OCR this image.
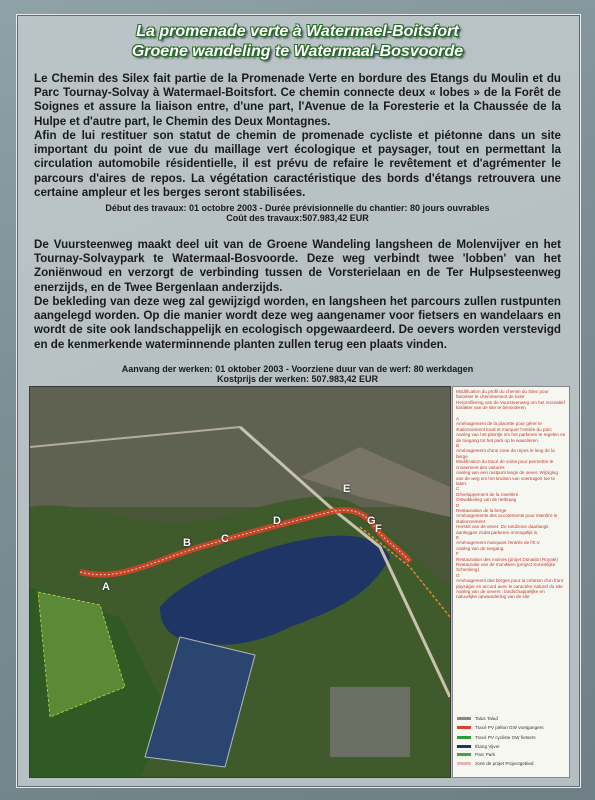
La promenade verte à Watermael-Boitsfort
Groene wandeling te Watermaal-Bosvoorde

Le Chemin des Silex fait partie de la Promenade Verte en bordure des Etangs du Moulin et du Parc Tournay-Solvay à Watermael-Boitsfort. Ce chemin connecte deux « lobes » de la Forêt de Soignes et assure la liaison entre, d'une part, l'Avenue de la Foresterie et la Chaussée de la Hulpe et d'autre part, le Chemin des Deux Montagnes.

Afin de lui restituer son statut de chemin de promenade cycliste et piétonne dans un site important du point de vue du maillage vert écologique et paysager, tout en permettant la circulation automobile résidentielle, il est prévu de refaire le revêtement et d'agrémenter le parcours d'aires de repos. La végétation caractéristique des bords d'étangs retrouvera une certaine ampleur et les berges seront stabilisées.

Début des travaux: 01 octobre 2003 - Durée prévisionnelle du chantier: 80 jours ouvrables
Coût des travaux:507.983,42 EUR

De Vuursteenweg maakt deel uit van de Groene Wandeling langsheen de Molenvijver en het Tournay-Solvaypark te Watermaal-Bosvoorde. Deze weg verbindt twee 'lobben' van het Zoniënwoud en verzorgt de verbinding tussen de Vorsterielaan en de Ter Hulpsesteenweg enerzijds, en de Twee Bergenlaan anderzijds.

De bekleding van deze weg zal gewijzigd worden, en langsheen het parcours zullen rustpunten aangelegd worden. Op die manier wordt deze weg aangenamer voor fietsers en wandelaars en wordt de site ook landschappelijk en ecologisch opgewaardeerd. De oevers worden verstevigd en de kenmerkende waterminnende planten zullen terug een plaats vinden.

Aanvang der werken: 01 oktober 2003 - Voorziene duur van de werf: 80 werkdagen
Kostprijs der werken: 507.983,42 EUR
A
B	C
D
E
G
F
Modification du profil du chemin du Silex pour favoriser le cheminement de loisir
Herprofilering van de Vuursteenweg om het recreatief karakter van de site te bevorderen

A
Aménagement de la placette pour gérer le stationnement local et marquer l'entrée du parc
Aanleg van het pleintje om het parkeren te regelen en de toegang tot het park op te waarderen.
B
Aménagement d'une zone de repos le long de la berge
Modification du tracé de voirie pour permettre le croisement des voitures
Aanleg van een rustpunt langs de oever. Wijziging van de weg om het kruisen van voertuigen toe te laten.
C
Développement de la roselière
Ontwikkeling van de rietkraag
D
Restauration de la berge
Aménagements des accotements pour interdire le stationnement
Herstel van de oever. De randzone daarlangs aanleggen zodat parkeren onmogelijk is.
E
Aménagement marquant l'entrée de l'E.V.
Aanleg van de toegang.
F
Restauration des moines (projet Donation Royale)
Restauratie van de monikken (project Koninklijke Schenking)
G
Aménagement des berges pour la création d'un front paysager en accord avec le caractère naturel du site
Aanleg van de oevers : landschappelijke en natuurlijke opwaardering van de site
Talus Talud
Tracé PV piéton GW voetgangers
Tracé PV cycliste GW fietsers
Étang Vijver
Parc Park
zone de projet Projectgebied
